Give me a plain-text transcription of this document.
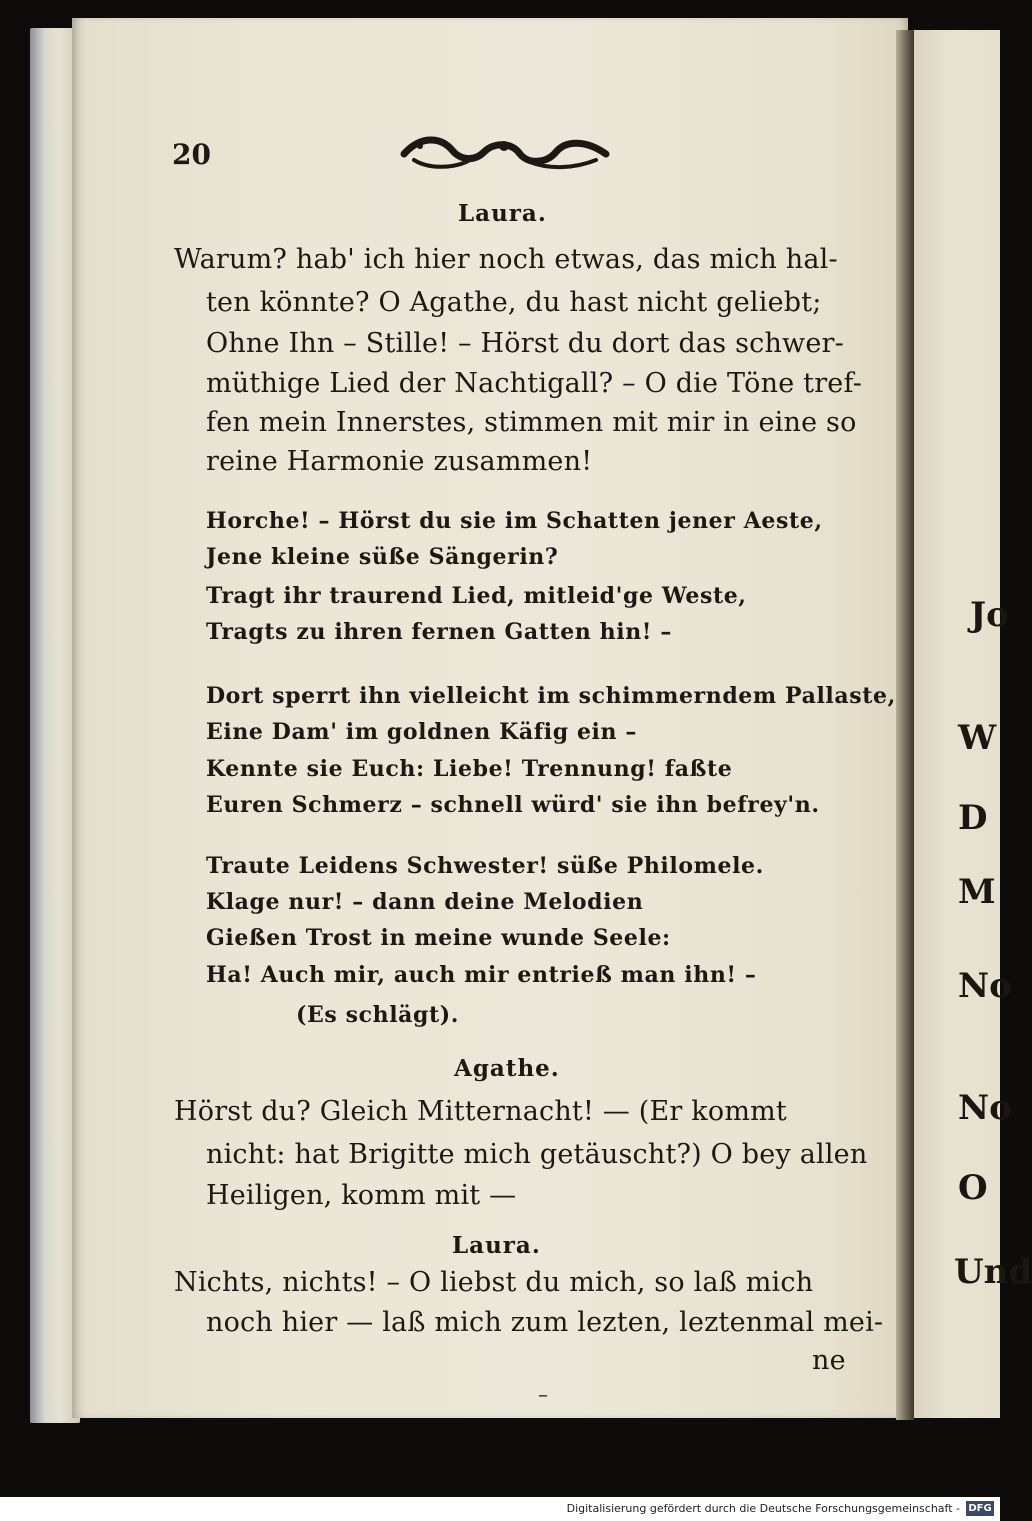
Jo
W
D
M
No
No
O
Und
20
Laura.
Warum? hab' ich hier noch etwas, das mich hal-
ten könnte? O Agathe, du hast nicht geliebt;
Ohne Ihn – Stille! – Hörst du dort das schwer-
müthige Lied der Nachtigall? – O die Töne tref-
fen mein Innerstes, stimmen mit mir in eine so
reine Harmonie zusammen!
Horche! – Hörst du sie im Schatten jener Aeste,
Jene kleine süße Sängerin?
Tragt ihr traurend Lied, mitleid'ge Weste,
Tragts zu ihren fernen Gatten hin! –
Dort sperrt ihn vielleicht im schimmerndem Pallaste,
Eine Dam' im goldnen Käfig ein –
Kennte sie Euch: Liebe! Trennung! faßte
Euren Schmerz – schnell würd' sie ihn befrey'n.
Traute Leidens Schwester! süße Philomele.
Klage nur! – dann deine Melodien
Gießen Trost in meine wunde Seele:
Ha! Auch mir, auch mir entrieß man ihn! –
(Es schlägt).
Agathe.
Hörst du? Gleich Mitternacht! — (Er kommt
nicht: hat Brigitte mich getäuscht?) O bey allen
Heiligen, komm mit —
Laura.
Nichts, nichts! – O liebst du mich, so laß mich
noch hier — laß mich zum lezten, leztenmal mei-
ne
–
Digitalisierung gefördert durch die Deutsche Forschungsgemeinschaft - DFG
